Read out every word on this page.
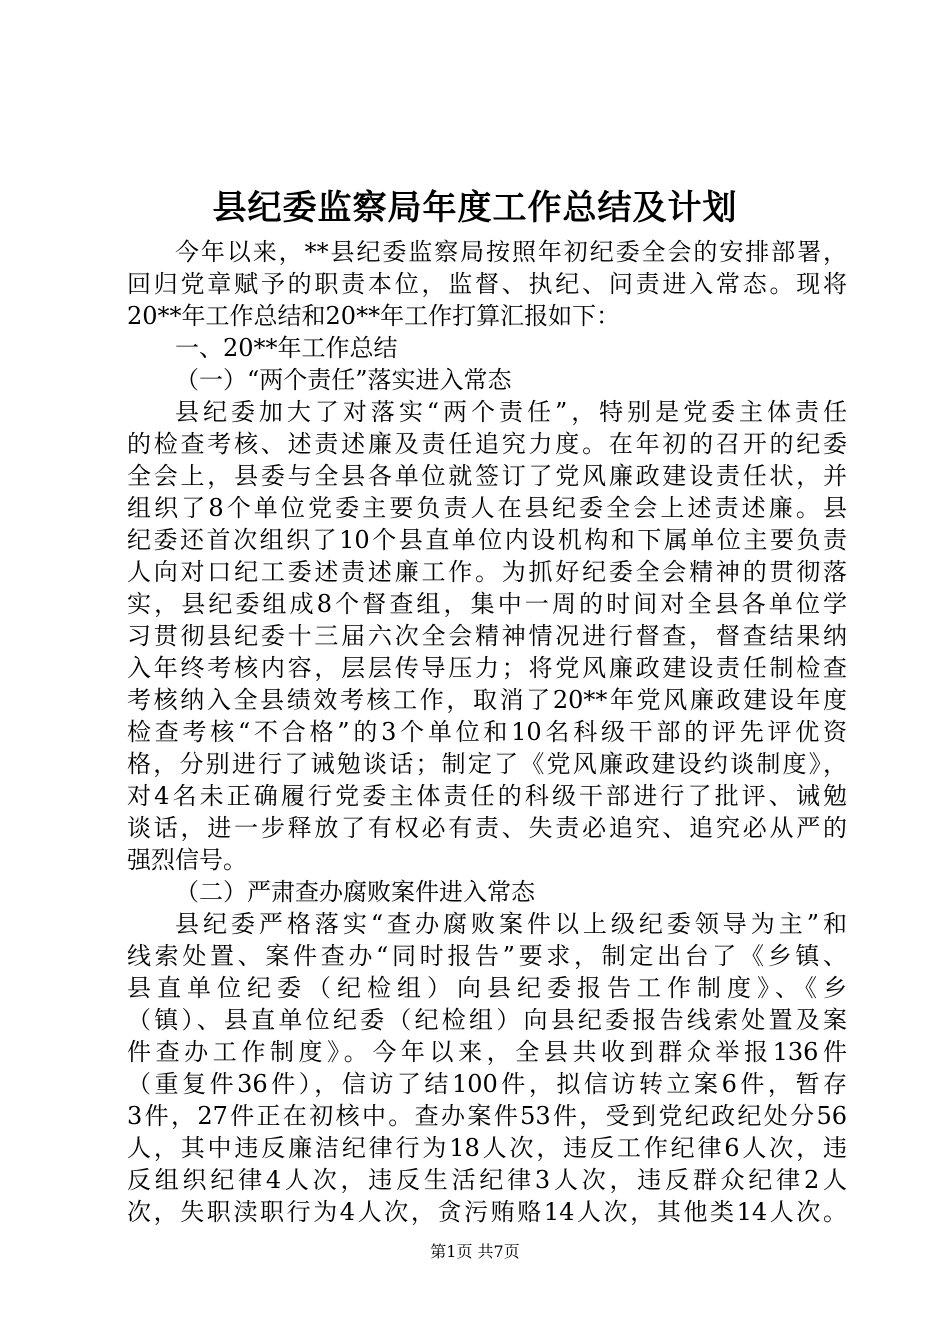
县纪委监察局年度工作总结及计划
今年以来，**县纪委监察局按照年初纪委全会的安排部署，
回归党章赋予的职责本位，监督、执纪、问责进入常态。现将
20**年工作总结和20**年工作打算汇报如下：
一、20**年工作总结
（一）“两个责任”落实进入常态
县纪委加大了对落实“两个责任”，特别是党委主体责任
的检查考核、述责述廉及责任追究力度。在年初的召开的纪委
全会上，县委与全县各单位就签订了党风廉政建设责任状，并
组织了8个单位党委主要负责人在县纪委全会上述责述廉。县
纪委还首次组织了10个县直单位内设机构和下属单位主要负责
人向对口纪工委述责述廉工作。为抓好纪委全会精神的贯彻落
实，县纪委组成8个督查组，集中一周的时间对全县各单位学
习贯彻县纪委十三届六次全会精神情况进行督查，督查结果纳
入年终考核内容，层层传导压力；将党风廉政建设责任制检查
考核纳入全县绩效考核工作，取消了20**年党风廉政建设年度
检查考核“不合格”的3个单位和10名科级干部的评先评优资
格，分别进行了诫勉谈话；制定了《党风廉政建设约谈制度》，
对4名未正确履行党委主体责任的科级干部进行了批评、诫勉
谈话，进一步释放了有权必有责、失责必追究、追究必从严的
强烈信号。
（二）严肃查办腐败案件进入常态
县纪委严格落实“查办腐败案件以上级纪委领导为主”和
线索处置、案件查办“同时报告”要求，制定出台了《乡镇、
县直单位纪委（纪检组）向县纪委报告工作制度》、《乡
（镇）、县直单位纪委（纪检组）向县纪委报告线索处置及案
件查办工作制度》。今年以来，全县共收到群众举报136件
（重复件36件），信访了结100件，拟信访转立案6件，暂存
3件，27件正在初核中。查办案件53件，受到党纪政纪处分56
人，其中违反廉洁纪律行为18人次，违反工作纪律6人次，违
反组织纪律4人次，违反生活纪律3人次，违反群众纪律2人
次，失职渎职行为4人次，贪污贿赂14人次，其他类14人次。
第1页 共7页
